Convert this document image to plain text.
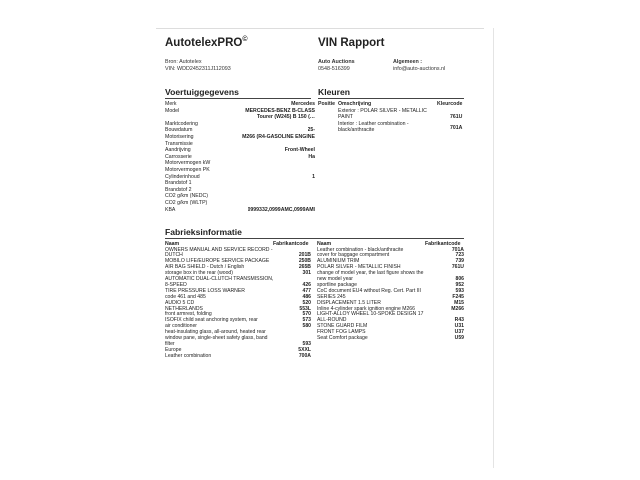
AutotelexPRO©	VIN Rapport
Bron: Autotelex
VIN: WDD2452311J112093
Auto Auctions
0548-516399
Algemeen :
info@auto-auctions.nl
Voertuiggegevens
Merk	Mercedes
Model	MERCEDES-BENZ B-CLASS
Tourer (W245) B 150 (…
Marktcodering
Bouwdatum	25-
Motorisering	M266 (R4-GASOLINE ENGINE
Transmissie
Aandrijving	Front-Wheel
Carrosserie	Ha
Motorvermogen kW
Motorvermogen PK
Cylinderinhoud	1
Brandstof 1
Brandstof 2
CO2 g/km (NEDC)
CO2 g/km (WLTP)
KBA	0999332,0999AMC,0999AMI
Kleuren
Positie Omschrijving	Kleurcode
Exterior : POLAR SILVER - METALLIC PAINT	761U
Interior : Leather combination - black/anthracite	701A
Fabrieksinformatie
Naam	Fabrikantcode Naam	Fabrikantcode
OWNERS MANUAL AND SERVICE RECORD - DUTCH	201B
MOBILO LIFE/EUROPE SERVICE PACKAGE	250B
AIR BAG SHIELD - Dutch / English	265B
storage box in the rear (wood)	301
AUTOMATIC DUAL-CLUTCH TRANSMISSION, 8-SPEED	426
TIRE PRESSURE LOSS WARNER	477
code 461 and 485	486
AUDIO 5 CD	520
NETHERLANDS	553L
front armrest, folding	570
ISOFIX child seat anchoring system, rear	573
air conditioner	580
heat-insulating glass, all-around, heated rear window pane, single-sheet safety glass, band filter	593
Europe	5XXL
Leather combination	700A
Leather combination - black/anthracite	701A
cover for baggage compartment	723
ALUMINIUM TRIM	739
POLAR SILVER - METALLIC FINISH	761U
change of model year, the last figure shows the new model year	806
sportline package	952
CoC document EU4 without Reg. Cert. Part III	593
SERIES 245	F245
DISPLACEMENT 1.5 LITER	M15
Inline 4-cylinder spark ignition engine M266	M266
LIGHT-ALLOY WHEEL 10-SPOKE DESIGN 17 ALL-ROUND	R43
STONE GUARD FILM	U31
FRONT FOG LAMPS	U37
Seat Comfort package	U59
